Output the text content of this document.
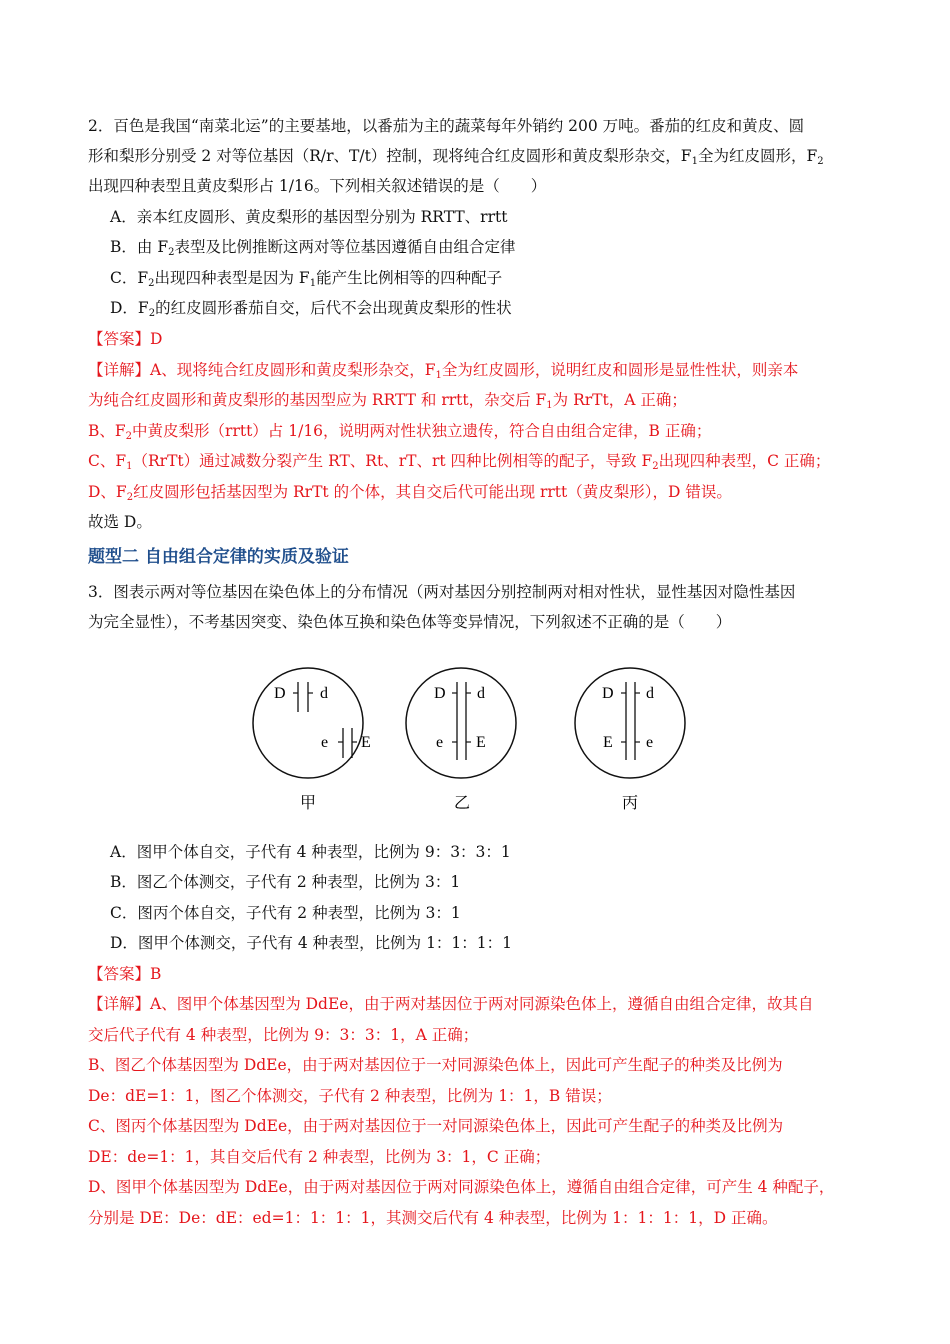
2．百色是我国“南菜北运”的主要基地，以番茄为主的蔬菜每年外销约 200 万吨。番茄的红皮和黄皮、圆
形和梨形分别受 2 对等位基因（R/r、T/t）控制，现将纯合红皮圆形和黄皮梨形杂交，$F_1$全为红皮圆形，$F_2$
出现四种表型且黄皮梨形占 1/16。下列相关叙述错误的是（　　）
A．亲本红皮圆形、黄皮梨形的基因型分别为 RRTT、rrtt
B．由 $F_2$表型及比例推断这两对等位基因遵循自由组合定律
C．$F_2$出现四种表型是因为 $F_1$能产生比例相等的四种配子
D．$F_2$的红皮圆形番茄自交，后代不会出现黄皮梨形的性状
【答案】D
【详解】A、现将纯合红皮圆形和黄皮梨形杂交，$F_1$全为红皮圆形，说明红皮和圆形是显性性状，则亲本
为纯合红皮圆形和黄皮梨形的基因型应为 RRTT 和 rrtt，杂交后 $F_1$为 RrTt，A 正确；
B、$F_2$中黄皮梨形（rrtt）占 1/16，说明两对性状独立遗传，符合自由组合定律，B 正确；
C、$F_1(RrTt)$通过减数分裂产生 RT、Rt、rT、rt 四种比例相等的配子，导致 $F_2$出现四种表型，C 正确；
D、$F_2$红皮圆形包括基因型为 RrTt 的个体，其自交后代可能出现 rrtt（黄皮梨形），D 错误。
故选 D。
题型二 自由组合定律的实质及验证
3．图表示两对等位基因在染色体上的分布情况（两对基因分别控制两对相对性状，显性基因对隐性基因
为完全显性），不考基因突变、染色体互换和染色体等变异情况，下列叙述不正确的是（　　）
D d
e E
甲
D d
e E
乙
D d
E e
丙
A．图甲个体自交，子代有 4 种表型，比例为 9：3：3：1
B．图乙个体测交，子代有 2 种表型，比例为 3：1
C．图丙个体自交，子代有 2 种表型，比例为 3：1
D．图甲个体测交，子代有 4 种表型，比例为 1：1：1：1
【答案】B
【详解】A、图甲个体基因型为 DdEe，由于两对基因位于两对同源染色体上，遵循自由组合定律，故其自
交后代子代有 4 种表型，比例为 9：3：3：1，A 正确；
B、图乙个体基因型为 DdEe，由于两对基因位于一对同源染色体上，因此可产生配子的种类及比例为
De：dE=1：1，图乙个体测交，子代有 2 种表型，比例为 1：1，B 错误；
C、图丙个体基因型为 DdEe，由于两对基因位于一对同源染色体上，因此可产生配子的种类及比例为
DE：de=1：1，其自交后代有 2 种表型，比例为 3：1，C 正确；
D、图甲个体基因型为 DdEe，由于两对基因位于两对同源染色体上，遵循自由组合定律，可产生 4 种配子，
分别是 DE：De：dE：ed=1：1：1：1，其测交后代有 4 种表型，比例为 1：1：1：1，D 正确。
